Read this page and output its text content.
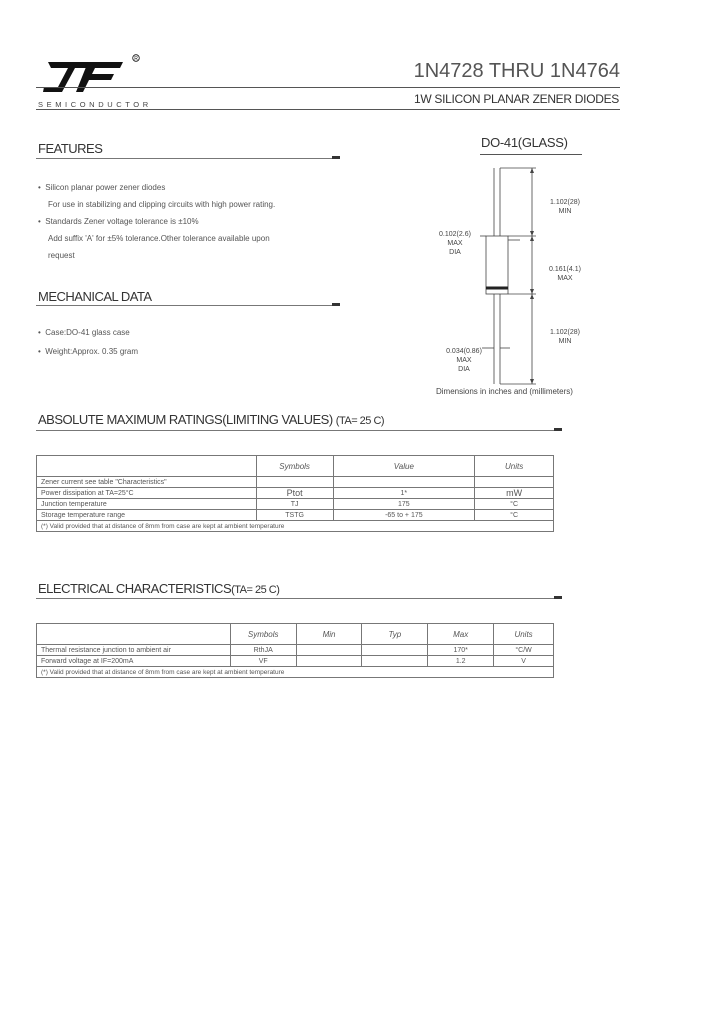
R
SEMICONDUCTOR
1N4728 THRU 1N4764
1W SILICON PLANAR ZENER DIODES
FEATURES
•  Silicon planar power zener diodes
For use in stabilizing and clipping circuits with high power rating.
•  Standards Zener voltage tolerance is ±10%
Add suffix 'A' for ±5% tolerance.Other tolerance available upon
request
MECHANICAL DATA
•  Case:DO-41 glass case
•  Weight:Approx. 0.35 gram
DO-41(GLASS)
1.102(28)
MIN
0.102(2.6)
MAX
DIA
0.161(4.1)
MAX
1.102(28)
MIN
0.034(0.86)
MAX
DIA
Dimensions in inches and (millimeters)
ABSOLUTE MAXIMUM RATINGS(LIMITING VALUES) (TA= 25 C)
	Symbols	Value	Units
Zener current see table "Characteristics"			
Power dissipation at TA=25°C	Ptot	1*	mW
Junction temperature	TJ	175	°C
Storage temperature range	TSTG	-65 to + 175	°C
(*) Valid provided that at distance of 8mm from case are kept at ambient temperature			
ELECTRICAL CHARACTERISTICS(TA= 25 C)
	Symbols	Min	Typ	Max	Units
Thermal resistance junction to ambient air	RthJA			170*	°C/W
Forward voltage at IF=200mA	VF			1.2	V
(*) Valid provided that at distance of 8mm from case are kept at ambient temperature					
